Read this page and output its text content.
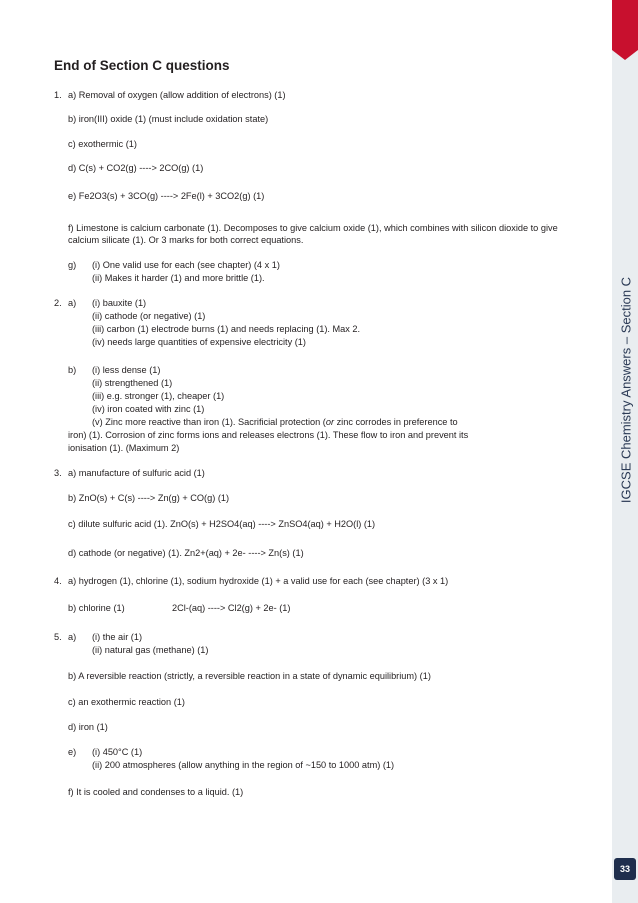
IGCSE Chemistry Answers – Section C
33
End of Section C questions
1. a) Removal of oxygen (allow addition of electrons) (1)
b) iron(III) oxide (1) (must include oxidation state)
c) exothermic (1)
d) C(s) + CO2(g) ----> 2CO(g) (1)
e) Fe2O3(s) + 3CO(g) ----> 2Fe(l) + 3CO2(g) (1)
f) Limestone is calcium carbonate (1). Decomposes to give calcium oxide (1), which combines with silicon dioxide to give calcium silicate (1). Or 3 marks for both correct equations.
g) (i) One valid use for each (see chapter) (4 x 1)
(ii) Makes it harder (1) and more brittle (1).
2. a) (i) bauxite (1)
(ii) cathode (or negative) (1)
(iii) carbon (1) electrode burns (1) and needs replacing (1). Max 2.
(iv) needs large quantities of expensive electricity (1)
b) (i) less dense (1)
(ii) strengthened (1)
(iii) e.g. stronger (1), cheaper (1)
(iv) iron coated with zinc (1)
(v) Zinc more reactive than iron (1). Sacrificial protection (or zinc corrodes in preference to
iron) (1). Corrosion of zinc forms ions and releases electrons (1). These flow to iron and prevent its
ionisation (1). (Maximum 2)
3. a) manufacture of sulfuric acid (1)
b) ZnO(s) + C(s) ----> Zn(g) + CO(g) (1)
c) dilute sulfuric acid (1). ZnO(s) + H2SO4(aq) ----> ZnSO4(aq) + H2O(l) (1)
d) cathode (or negative) (1). Zn2+(aq) + 2e- ----> Zn(s) (1)
4. a) hydrogen (1), chlorine (1), sodium hydroxide (1) + a valid use for each (see chapter) (3 x 1)
b) chlorine (1)	2Cl-(aq) ----> Cl2(g) + 2e- (1)
5. a) (i) the air (1)
(ii) natural gas (methane) (1)
b) A reversible reaction (strictly, a reversible reaction in a state of dynamic equilibrium) (1)
c) an exothermic reaction (1)
d) iron (1)
e) (i) 450°C (1)
(ii) 200 atmospheres (allow anything in the region of ~150 to 1000 atm) (1)
f) It is cooled and condenses to a liquid. (1)
